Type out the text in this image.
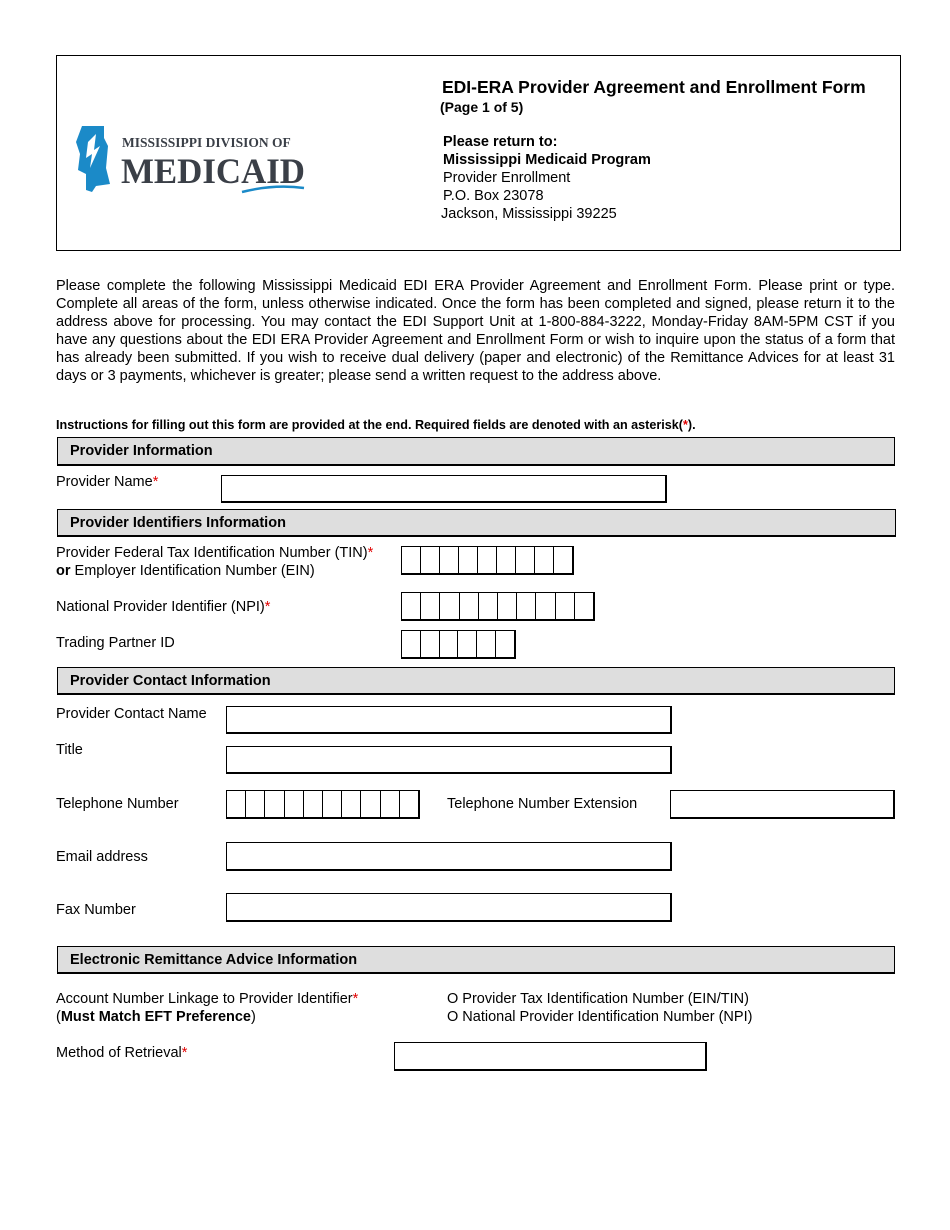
MISSISSIPPI DIVISION OF
MEDICAID
EDI-ERA Provider Agreement and Enrollment Form
(Page 1 of 5)
Please return to:
Mississippi Medicaid Program
Provider Enrollment
P.O. Box 23078
Jackson, Mississippi 39225
Please complete the following Mississippi Medicaid EDI ERA Provider Agreement and Enrollment Form. Please print or type. Complete all areas of the form, unless otherwise indicated. Once the form has been completed and signed, please return it to the address above for processing. You may contact the EDI Support Unit at 1-800-884-3222, Monday-Friday 8AM-5PM CST if you have any questions about the EDI ERA Provider Agreement and Enrollment Form or wish to inquire upon the status of a form that has already been submitted. If you wish to receive dual delivery (paper and electronic) of the Remittance Advices for at least 31 days or 3 payments, whichever is greater; please send a written request to the address above.
Instructions for filling out this form are provided at the end. Required fields are denoted with an asterisk(*).
Provider Information
Provider Name*
Provider Identifiers Information
Provider Federal Tax Identification Number (TIN)*
or Employer Identification Number (EIN)
National Provider Identifier (NPI)*
Trading Partner ID
Provider Contact Information
Provider Contact Name
Title
Telephone Number	Telephone Number Extension
Email address
Fax Number
Electronic Remittance Advice Information
Account Number Linkage to Provider Identifier*
(Must Match EFT Preference)
O Provider Tax Identification Number (EIN/TIN)
O National Provider Identification Number (NPI)
Method of Retrieval*
